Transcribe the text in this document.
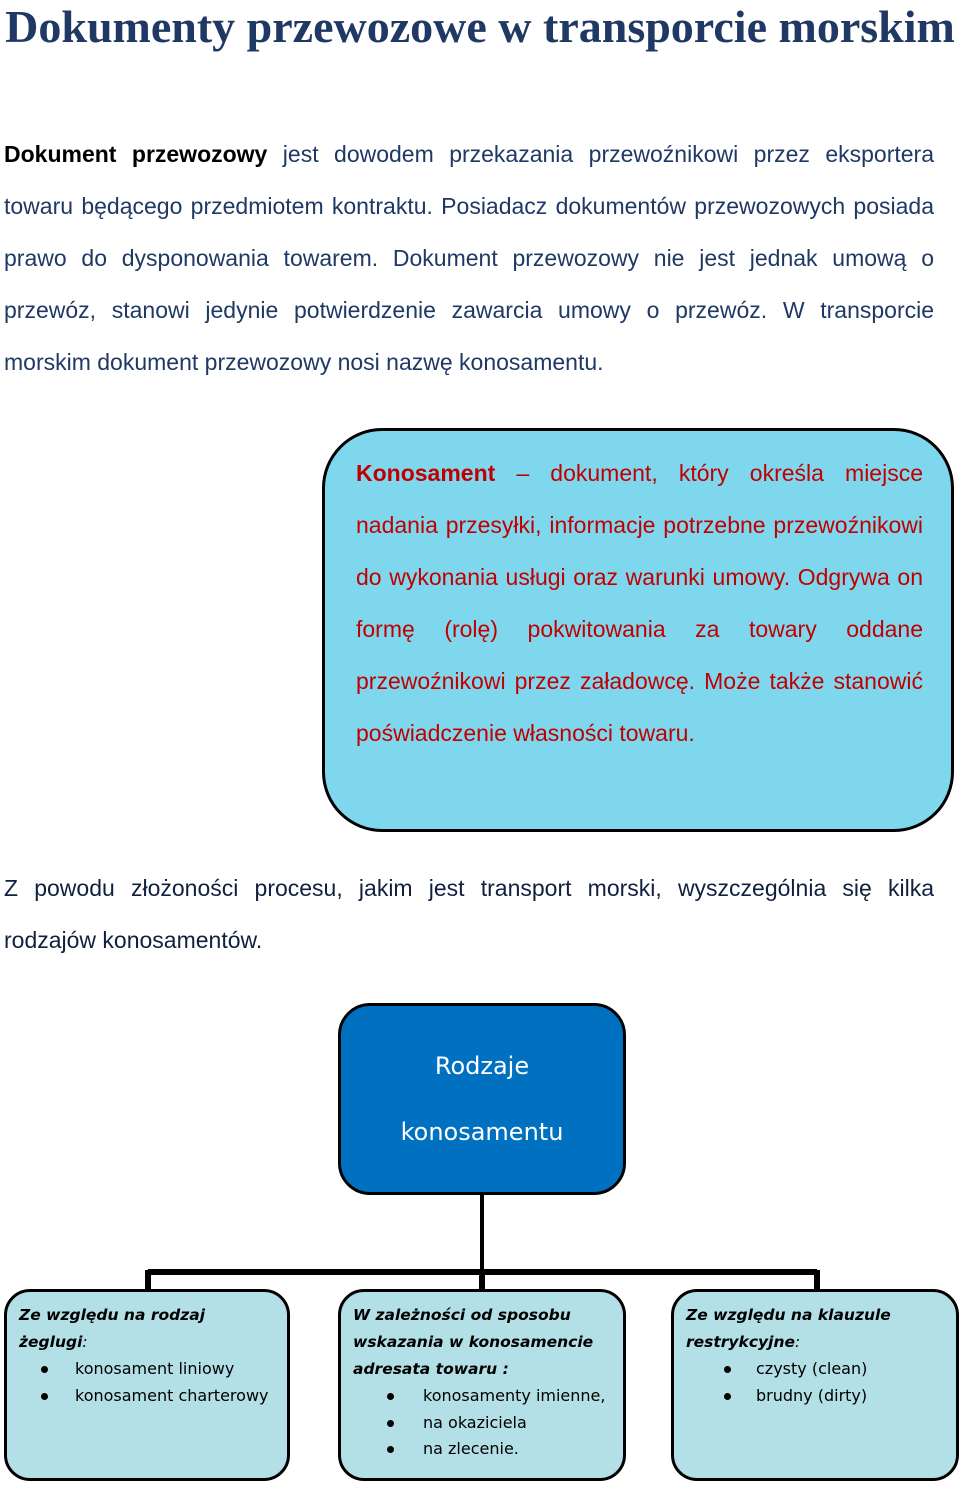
Dokumenty przewozowe w transporcie morskim

Dokument przewozowy jest dowodem przekazania przewoźnikowi przez eksportera towaru będącego przedmiotem kontraktu. Posiadacz dokumentów przewozowych posiada prawo do dysponowania towarem. Dokument przewozowy nie jest jednak umową o przewóz, stanowi jedynie potwierdzenie zawarcia umowy o przewóz. W transporcie morskim dokument przewozowy nosi nazwę konosamentu.

Konosament – dokument, który określa miejsce nadania przesyłki, informacje potrzebne przewoźnikowi do wykonania usługi oraz warunki umowy. Odgrywa on formę (rolę) pokwitowania za towary oddane przewoźnikowi przez załadowcę. Może także stanowić poświadczenie własności towaru.

Z powodu złożoności procesu, jakim jest transport morski, wyszczególnia się kilka rodzajów konosamentów.

Rodzaje konosamentu
Ze względu na rodzaj żeglugi:
konosament liniowy
konosament charterowy
W zależności od sposobu wskazania w konosamencie adresata towaru :
konosamenty imienne,
na okaziciela
na zlecenie.
Ze względu na klauzule restrykcyjne:
czysty (clean)
brudny (dirty)
